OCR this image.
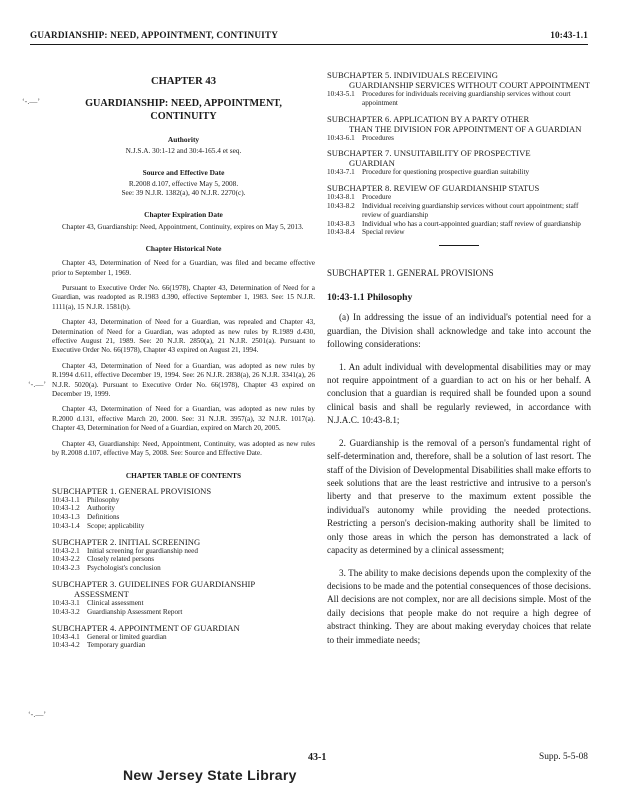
GUARDIANSHIP: NEED, APPOINTMENT, CONTINUITY	10:43-1.1
‘-.—’
‘-.—’
‘-.—’
CHAPTER 43
GUARDIANSHIP: NEED, APPOINTMENT,
CONTINUITY
Authority
N.J.S.A. 30:1-12 and 30:4-165.4 et seq.
Source and Effective Date
R.2008 d.107, effective May 5, 2008.
See: 39 N.J.R. 1382(a), 40 N.J.R. 2270(c).
Chapter Expiration Date

Chapter 43, Guardianship: Need, Appointment, Continuity, expires on May 5, 2013.

Chapter Historical Note

Chapter 43, Determination of Need for a Guardian, was filed and became effective prior to September 1, 1969.

Pursuant to Executive Order No. 66(1978), Chapter 43, Determination of Need for a Guardian, was readopted as R.1983 d.390, effective September 1, 1983. See: 15 N.J.R. 1111(a), 15 N.J.R. 1581(b).

Chapter 43, Determination of Need for a Guardian, was repealed and Chapter 43, Determination of Need for a Guardian, was adopted as new rules by R.1989 d.430, effective August 21, 1989. See: 20 N.J.R. 2850(a), 21 N.J.R. 2501(a). Pursuant to Executive Order No. 66(1978), Chapter 43 expired on August 21, 1994.

Chapter 43, Determination of Need for a Guardian, was adopted as new rules by R.1994 d.611, effective December 19, 1994. See: 26 N.J.R. 2838(a), 26 N.J.R. 3341(a), 26 N.J.R. 5020(a). Pursuant to Executive Order No. 66(1978), Chapter 43 expired on December 19, 1999.

Chapter 43, Determination of Need for a Guardian, was adopted as new rules by R.2000 d.131, effective March 20, 2000. See: 31 N.J.R. 3957(a), 32 N.J.R. 1017(a). Chapter 43, Determination for Need of a Guardian, expired on March 20, 2005.

Chapter 43, Guardianship: Need, Appointment, Continuity, was adopted as new rules by R.2008 d.107, effective May 5, 2008. See: Source and Effective Date.

CHAPTER TABLE OF CONTENTS
SUBCHAPTER 1. GENERAL PROVISIONS
10:43-1.1	Philosophy
10:43-1.2	Authority
10:43-1.3	Definitions
10:43-1.4	Scope; applicability
SUBCHAPTER 2. INITIAL SCREENING
10:43-2.1	Initial screening for guardianship need
10:43-2.2	Closely related persons
10:43-2.3	Psychologist's conclusion
SUBCHAPTER 3. GUIDELINES FOR GUARDIANSHIP
ASSESSMENT
10:43-3.1	Clinical assessment
10:43-3.2	Guardianship Assessment Report
SUBCHAPTER 4. APPOINTMENT OF GUARDIAN
10:43-4.1	General or limited guardian
10:43-4.2	Temporary guardian
SUBCHAPTER 5. INDIVIDUALS RECEIVING
GUARDIANSHIP SERVICES WITHOUT COURT APPOINTMENT
10:43-5.1	Procedures for individuals receiving guardianship services without court appointment
SUBCHAPTER 6. APPLICATION BY A PARTY OTHER
THAN THE DIVISION FOR APPOINTMENT OF A GUARDIAN
10:43-6.1	Procedures
SUBCHAPTER 7. UNSUITABILITY OF PROSPECTIVE
GUARDIAN
10:43-7.1	Procedure for questioning prospective guardian suitability
SUBCHAPTER 8. REVIEW OF GUARDIANSHIP STATUS
10:43-8.1	Procedure
10:43-8.2	Individual receiving guardianship services without court appointment; staff review of guardianship
10:43-8.3	Individual who has a court-appointed guardian; staff review of guardianship
10:43-8.4	Special review
SUBCHAPTER 1. GENERAL PROVISIONS
10:43-1.1 Philosophy

(a) In addressing the issue of an individual's potential need for a guardian, the Division shall acknowledge and take into account the following considerations:

1. An adult individual with developmental disabilities may or may not require appointment of a guardian to act on his or her behalf. A conclusion that a guardian is required shall be founded upon a sound clinical basis and shall be regularly reviewed, in accordance with N.J.A.C. 10:43-8.1;

2. Guardianship is the removal of a person's fundamental right of self-determination and, therefore, shall be a solution of last resort. The staff of the Division of Developmental Disabilities shall make efforts to seek solutions that are the least restrictive and intrusive to a person's liberty and that preserve to the maximum extent possible the individual's autonomy while providing the needed protections. Restricting a person's decision-making authority shall be limited to only those areas in which the person has demonstrated a lack of capacity as determined by a clinical assessment;

3. The ability to make decisions depends upon the complexity of the decisions to be made and the potential consequences of those decisions. All decisions are not complex, nor are all decisions simple. Most of the daily decisions that people make do not require a high degree of abstract thinking. They are about making everyday choices that relate to their immediate needs;

43-1	Supp. 5-5-08
New Jersey State Library
